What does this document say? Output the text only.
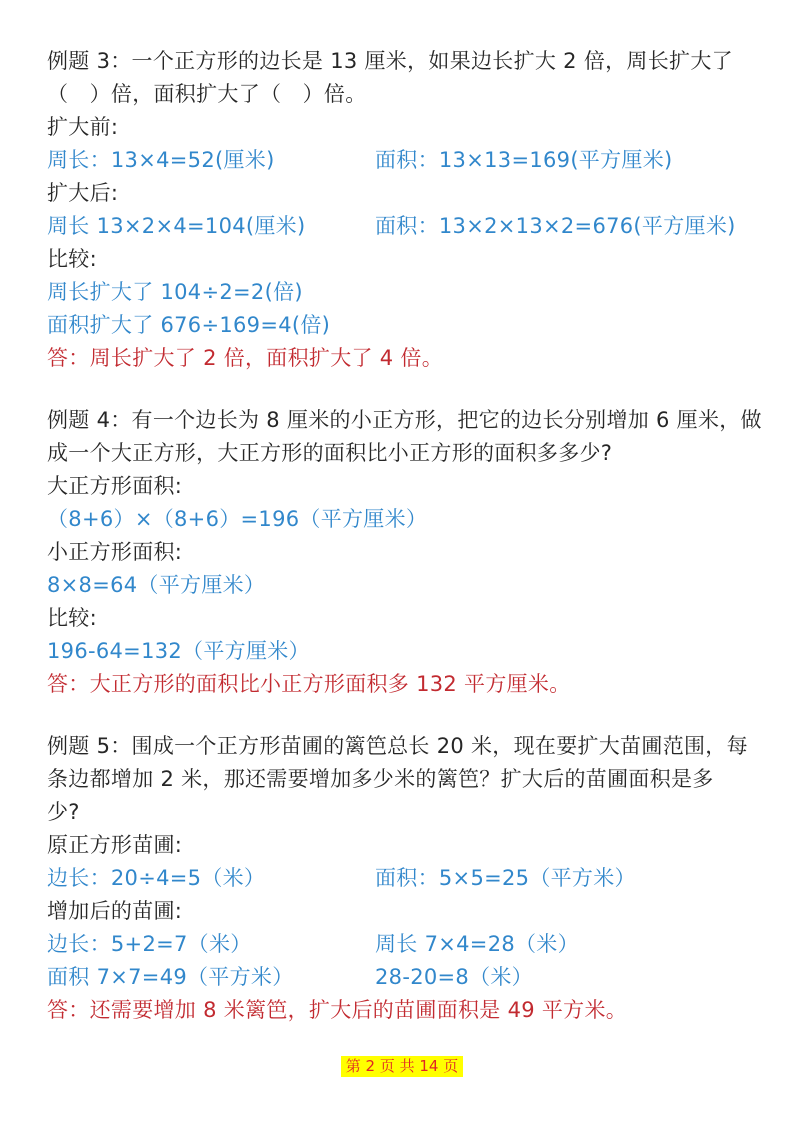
例题 3：一个正方形的边长是 13 厘米，如果边长扩大 2 倍，周长扩大了
（　）倍，面积扩大了（　）倍。
扩大前:
周长：13×4=52(厘米)	面积：13×13=169(平方厘米)
扩大后:
周长 13×2×4=104(厘米)	面积：13×2×13×2=676(平方厘米)
比较:
周长扩大了 104÷2=2(倍)
面积扩大了 676÷169=4(倍)
答：周长扩大了 2 倍，面积扩大了 4 倍。
例题 4：有一个边长为 8 厘米的小正方形，把它的边长分别增加 6 厘米，做
成一个大正方形，大正方形的面积比小正方形的面积多多少?
大正方形面积:
（8+6）×（8+6）=196（平方厘米）
小正方形面积:
8×8=64（平方厘米）
比较:
196-64=132（平方厘米）
答：大正方形的面积比小正方形面积多 132 平方厘米。
例题 5：围成一个正方形苗圃的篱笆总长 20 米，现在要扩大苗圃范围，每
条边都增加 2 米，那还需要增加多少米的篱笆？扩大后的苗圃面积是多
少?
原正方形苗圃:
边长：20÷4=5（米）	面积：5×5=25（平方米）
增加后的苗圃:
边长：5+2=7（米）	周长 7×4=28（米）
面积 7×7=49（平方米）	28-20=8（米）
答：还需要增加 8 米篱笆，扩大后的苗圃面积是 49 平方米。
第 2 页 共 14 页
